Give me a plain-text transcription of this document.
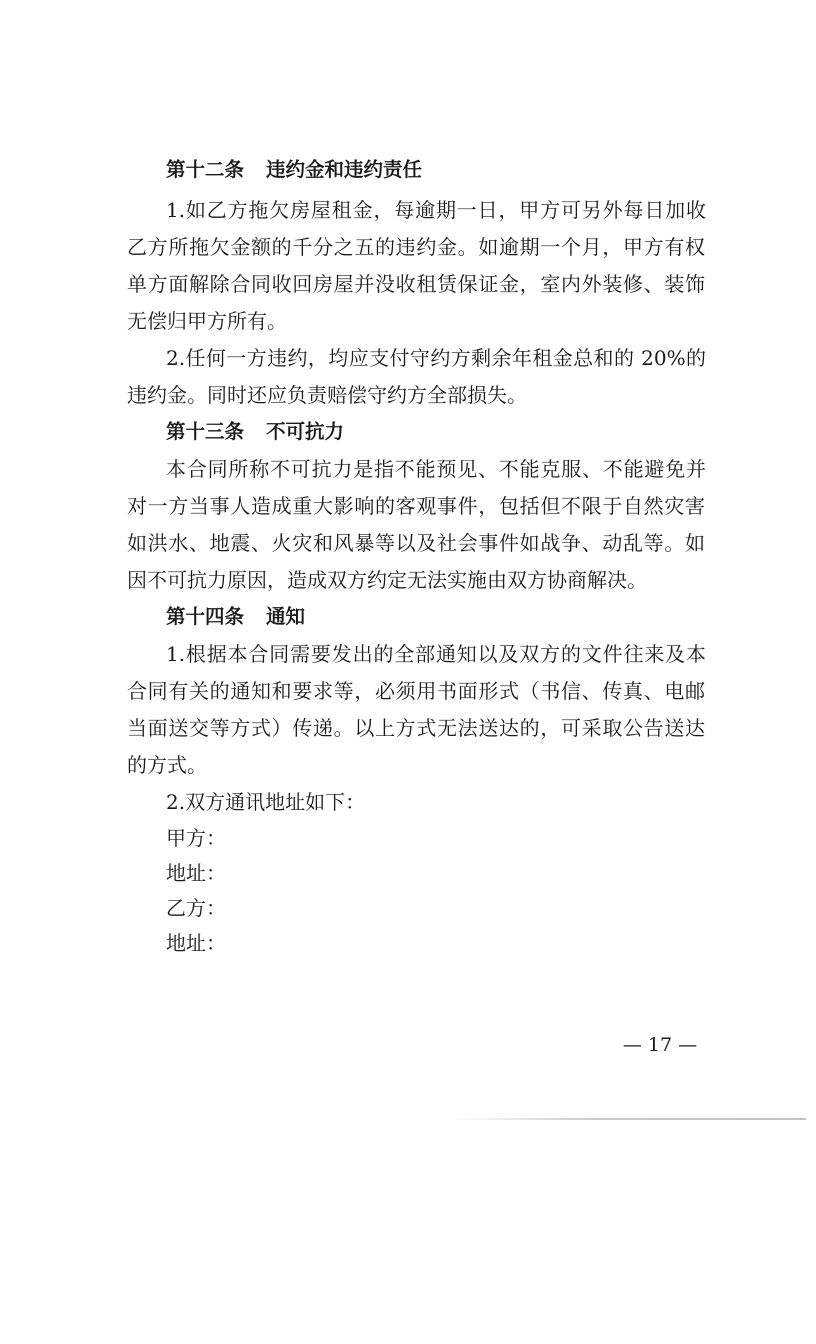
第十二条 违约金和违约责任
1.如乙方拖欠房屋租金，每逾期一日，甲方可另外每日加收
乙方所拖欠金额的千分之五的违约金。如逾期一个月，甲方有权
单方面解除合同收回房屋并没收租赁保证金，室内外装修、装饰
无偿归甲方所有。
2.任何一方违约，均应支付守约方剩余年租金总和的 20%的
违约金。同时还应负责赔偿守约方全部损失。
第十三条 不可抗力
本合同所称不可抗力是指不能预见、不能克服、不能避免并
对一方当事人造成重大影响的客观事件，包括但不限于自然灾害
如洪水、地震、火灾和风暴等以及社会事件如战争、动乱等。如
因不可抗力原因，造成双方约定无法实施由双方协商解决。
第十四条 通知
1.根据本合同需要发出的全部通知以及双方的文件往来及本
合同有关的通知和要求等，必须用书面形式（书信、传真、电邮
当面送交等方式）传递。以上方式无法送达的，可采取公告送达
的方式。
2.双方通讯地址如下：
甲方：
地址：
乙方：
地址：
— 17 —
